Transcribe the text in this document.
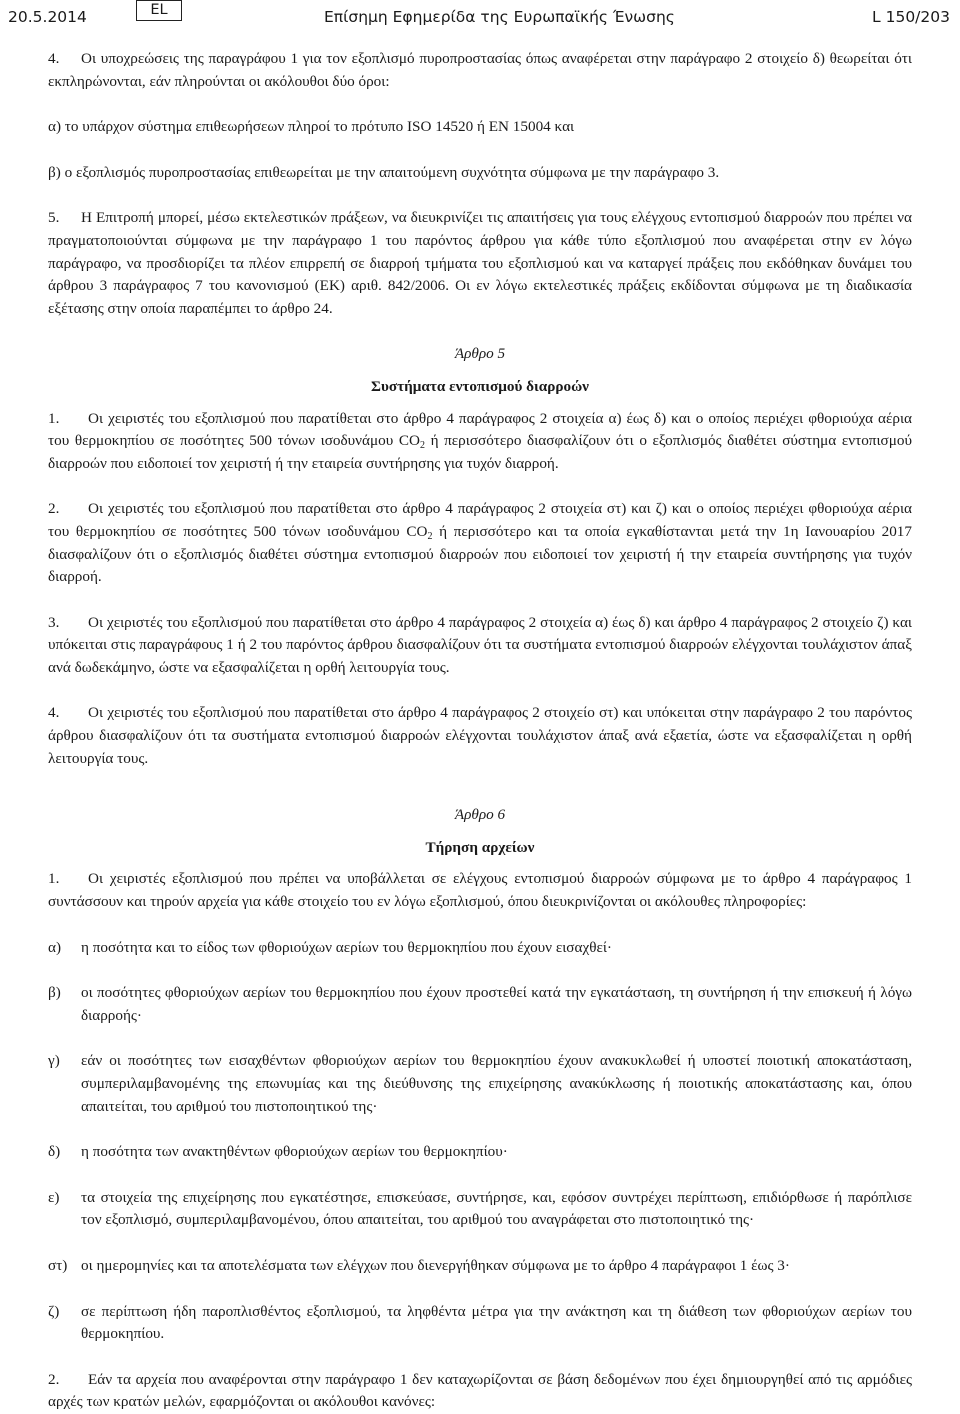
20.5.2014	EL	Επίσημη Εφημερίδα της Ευρωπαϊκής Ένωσης	L 150/203

4. Οι υποχρεώσεις της παραγράφου 1 για τον εξοπλισμό πυροπροστασίας όπως αναφέρεται στην παράγραφο 2 στοιχείο δ) θεωρείται ότι εκπληρώνονται, εάν πληρούνται οι ακόλουθοι δύο όροι:

α) το υπάρχον σύστημα επιθεωρήσεων πληροί το πρότυπο ISO 14520 ή EN 15004 και

β) ο εξοπλισμός πυροπροστασίας επιθεωρείται με την απαιτούμενη συχνότητα σύμφωνα με την παράγραφο 3.

5. Η Επιτροπή μπορεί, μέσω εκτελεστικών πράξεων, να διευκρινίζει τις απαιτήσεις για τους ελέγχους εντοπισμού διαρροών που πρέπει να πραγματοποιούνται σύμφωνα με την παράγραφο 1 του παρόντος άρθρου για κάθε τύπο εξοπλισμού που αναφέρεται στην εν λόγω παράγραφο, να προσδιορίζει τα πλέον επιρρεπή σε διαρροή τμήματα του εξοπλισμού και να καταργεί πράξεις που εκδόθηκαν δυνάμει του άρθρου 3 παράγραφος 7 του κανονισμού (ΕΚ) αριθ. 842/2006. Οι εν λόγω εκτελεστικές πράξεις εκδίδονται σύμφωνα με τη διαδικασία εξέτασης στην οποία παραπέμπει το άρθρο 24.

Άρθρο 5

Συστήματα εντοπισμού διαρροών

1. Οι χειριστές του εξοπλισμού που παρατίθεται στο άρθρο 4 παράγραφος 2 στοιχεία α) έως δ) και ο οποίος περιέχει φθοριούχα αέρια του θερμοκηπίου σε ποσότητες 500 τόνων ισοδυνάμου $CO_2$ ή περισσότερο διασφαλίζουν ότι ο εξοπλισμός διαθέτει σύστημα εντοπισμού διαρροών που ειδοποιεί τον χειριστή ή την εταιρεία συντήρησης για τυχόν διαρροή.

2. Οι χειριστές του εξοπλισμού που παρατίθεται στο άρθρο 4 παράγραφος 2 στοιχεία στ) και ζ) και ο οποίος περιέχει φθοριούχα αέρια του θερμοκηπίου σε ποσότητες 500 τόνων ισοδυνάμου $CO_2$ ή περισσότερο και τα οποία εγκαθίστανται μετά την 1η Ιανουαρίου 2017 διασφαλίζουν ότι ο εξοπλισμός διαθέτει σύστημα εντοπισμού διαρροών που ειδοποιεί τον χειριστή ή την εταιρεία συντήρησης για τυχόν διαρροή.

3. Οι χειριστές του εξοπλισμού που παρατίθεται στο άρθρο 4 παράγραφος 2 στοιχεία α) έως δ) και άρθρο 4 παράγραφος 2 στοιχείο ζ) και υπόκειται στις παραγράφους 1 ή 2 του παρόντος άρθρου διασφαλίζουν ότι τα συστήματα εντοπισμού διαρροών ελέγχονται τουλάχιστον άπαξ ανά δωδεκάμηνο, ώστε να εξασφαλίζεται η ορθή λειτουργία τους.

4. Οι χειριστές του εξοπλισμού που παρατίθεται στο άρθρο 4 παράγραφος 2 στοιχείο στ) και υπόκειται στην παράγραφο 2 του παρόντος άρθρου διασφαλίζουν ότι τα συστήματα εντοπισμού διαρροών ελέγχονται τουλάχιστον άπαξ ανά εξαετία, ώστε να εξασφαλίζεται η ορθή λειτουργία τους.

Άρθρο 6

Τήρηση αρχείων

1. Οι χειριστές εξοπλισμού που πρέπει να υποβάλλεται σε ελέγχους εντοπισμού διαρροών σύμφωνα με το άρθρο 4 παράγραφος 1 συντάσσουν και τηρούν αρχεία για κάθε στοιχείο του εν λόγω εξοπλισμού, όπου διευκρινίζονται οι ακόλουθες πληροφορίες:

α) η ποσότητα και το είδος των φθοριούχων αερίων του θερμοκηπίου που έχουν εισαχθεί·

β) οι ποσότητες φθοριούχων αερίων του θερμοκηπίου που έχουν προστεθεί κατά την εγκατάσταση, τη συντήρηση ή την επισκευή ή λόγω διαρροής·

γ) εάν οι ποσότητες των εισαχθέντων φθοριούχων αερίων του θερμοκηπίου έχουν ανακυκλωθεί ή υποστεί ποιοτική αποκατάσταση, συμπεριλαμβανομένης της επωνυμίας και της διεύθυνσης της επιχείρησης ανακύκλωσης ή ποιοτικής αποκατάστασης και, όπου απαιτείται, του αριθμού του πιστοποιητικού της·

δ) η ποσότητα των ανακτηθέντων φθοριούχων αερίων του θερμοκηπίου·

ε) τα στοιχεία της επιχείρησης που εγκατέστησε, επισκεύασε, συντήρησε, και, εφόσον συντρέχει περίπτωση, επιδιόρθωσε ή παρόπλισε τον εξοπλισμό, συμπεριλαμβανομένου, όπου απαιτείται, του αριθμού του αναγράφεται στο πιστοποιητικό της·

στ) οι ημερομηνίες και τα αποτελέσματα των ελέγχων που διενεργήθηκαν σύμφωνα με το άρθρο 4 παράγραφοι 1 έως 3·

ζ) σε περίπτωση ήδη παροπλισθέντος εξοπλισμού, τα ληφθέντα μέτρα για την ανάκτηση και τη διάθεση των φθοριούχων αερίων του θερμοκηπίου.

2. Εάν τα αρχεία που αναφέρονται στην παράγραφο 1 δεν καταχωρίζονται σε βάση δεδομένων που έχει δημιουργηθεί από τις αρμόδιες αρχές των κρατών μελών, εφαρμόζονται οι ακόλουθοι κανόνες:
